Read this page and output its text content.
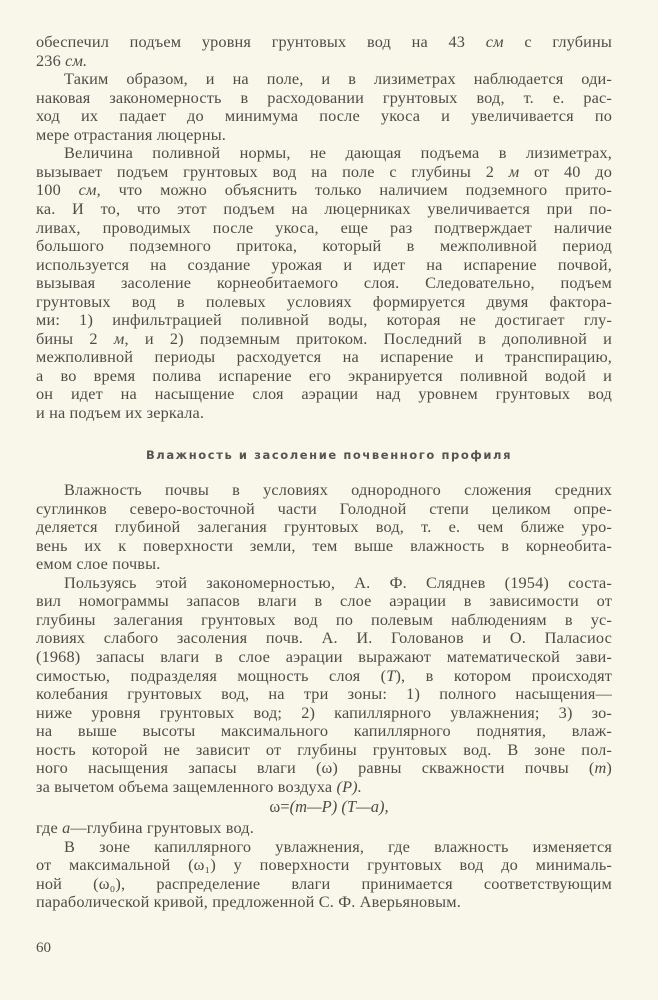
обеспечил подъем уровня грунтовых вод на 43 см с глубины
236 см.
Таким образом, и на поле, и в лизиметрах наблюдается оди-
наковая закономерность в расходовании грунтовых вод, т. е. рас-
ход их падает до минимума после укоса и увеличивается по
мере отрастания люцерны.
Величина поливной нормы, не дающая подъема в лизиметрах,
вызывает подъем грунтовых вод на поле с глубины 2 м от 40 до
100 см, что можно объяснить только наличием подземного прито-
ка. И то, что этот подъем на люцерниках увеличивается при по-
ливах, проводимых после укоса, еще раз подтверждает наличие
большого подземного притока, который в межполивной период
используется на создание урожая и идет на испарение почвой,
вызывая засоление корнеобитаемого слоя. Следовательно, подъем
грунтовых вод в полевых условиях формируется двумя фактора-
ми: 1) инфильтрацией поливной воды, которая не достигает глу-
бины 2 м, и 2) подземным притоком. Последний в дополивной и
межполивной периоды расходуется на испарение и транспирацию,
а во время полива испарение его экранируется поливной водой и
он идет на насыщение слоя аэрации над уровнем грунтовых вод
и на подъем их зеркала.
Влажность и засоление почвенного профиля
Влажность почвы в условиях однородного сложения средних
суглинков северо-восточной части Голодной степи целиком опре-
деляется глубиной залегания грунтовых вод, т. е. чем ближе уро-
вень их к поверхности земли, тем выше влажность в корнеобита-
емом слое почвы.
Пользуясь этой закономерностью, А. Ф. Сляднев (1954) соста-
вил номограммы запасов влаги в слое аэрации в зависимости от
глубины залегания грунтовых вод по полевым наблюдениям в ус-
ловиях слабого засоления почв. А. И. Голованов и О. Паласиос
(1968) запасы влаги в слое аэрации выражают математической зави-
симостью, подразделяя мощность слоя (T), в котором происходят
колебания грунтовых вод, на три зоны: 1) полного насыщения—
ниже уровня грунтовых вод; 2) капиллярного увлажнения; 3) зо-
на выше высоты максимального капиллярного поднятия, влаж-
ность которой не зависит от глубины грунтовых вод. В зоне пол-
ного насыщения запасы влаги (ω) равны скважности почвы (m)
за вычетом объема защемленного воздуха (P).
ω=(m—P) (T—a),
где a—глубина грунтовых вод.
В зоне капиллярного увлажнения, где влажность изменяется
от максимальной (ω₁) у поверхности грунтовых вод до минималь-
ной (ω₀), распределение влаги принимается соответствующим
параболической кривой, предложенной С. Ф. Аверьяновым.
60
